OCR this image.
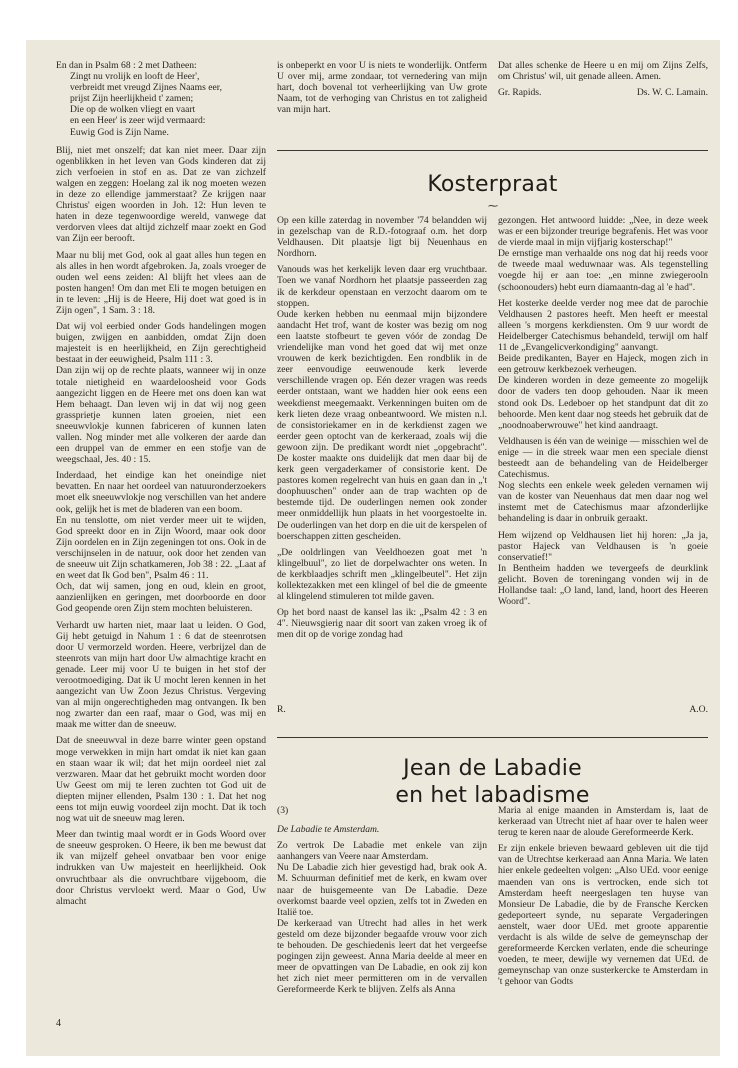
En dan in Psalm 68 : 2 met Datheen:

Zingt nu vrolijk en looft de Heer',
verbreidt met vreugd Zijnes Naams eer,
prijst Zijn heerlijkheid t' zamen;
Die op de wolken vliegt en vaart
en een Heer' is zeer wijd vermaard:
Euwig God is Zijn Name.

Blij, niet met onszelf; dat kan niet meer. Daar zijn ogenblikken in het leven van Gods kinderen dat zij zich verfoeien in stof en as. Dat ze van zichzelf walgen en zeggen: Hoelang zal ik nog moeten wezen in deze zo ellendige jammerstaat? Ze krijgen naar Christus' eigen woorden in Joh. 12: Hun leven te haten in deze tegenwoordige wereld, vanwege dat verdorven vlees dat altijd zichzelf maar zoekt en God van Zijn eer berooft.

Maar nu blij met God, ook al gaat alles hun tegen en als alles in hen wordt afgebroken. Ja, zoals vroeger de ouden wel eens zeiden: Al blijft het vlees aan de posten hangen! Om dan met Eli te mogen betuigen en in te leven: „Hij is de Heere, Hij doet wat goed is in Zijn ogen", 1 Sam. 3 : 18.

Dat wij vol eerbied onder Gods handelingen mogen buigen, zwijgen en aanbidden, omdat Zijn doen majesteit is en heerlijkheid, en Zijn gerechtigheid bestaat in der eeuwigheid, Psalm 111 : 3.

Dan zijn wij op de rechte plaats, wanneer wij in onze totale nietigheid en waardeloosheid voor Gods aangezicht liggen en de Heere met ons doen kan wat Hem behaagt. Dan leven wij in dat wij nog geen grassprietje kunnen laten groeien, niet een sneeuwvlokje kunnen fabriceren of kunnen laten vallen. Nog minder met alle volkeren der aarde dan een druppel van de emmer en een stofje van de weegschaal, Jes. 40 : 15.

Inderdaad, het eindige kan het oneindige niet bevatten. En naar het oordeel van natuuronderzoekers moet elk sneeuwvlokje nog verschillen van het andere ook, gelijk het is met de bladeren van een boom.

En nu tenslotte, om niet verder meer uit te wijden, God spreekt door en in Zijn Woord, maar ook door Zijn oordelen en in Zijn zegeningen tot ons. Ook in de verschijnselen in de natuur, ook door het zenden van de sneeuw uit Zijn schatkameren, Job 38 : 22. „Laat af en weet dat Ik God ben", Psalm 46 : 11.

Och, dat wij samen, jong en oud, klein en groot, aanzienlijken en geringen, met doorboorde en door God geopende oren Zijn stem mochten beluisteren.

Verhardt uw harten niet, maar laat u leiden. O God, Gij hebt getuigd in Nahum 1 : 6 dat de steenrotsen door U vermorzeld worden. Heere, verbrijzel dan de steenrots van mijn hart door Uw almachtige kracht en genade. Leer mij voor U te buigen in het stof der verootmoediging. Dat ik U mocht leren kennen in het aangezicht van Uw Zoon Jezus Christus. Vergeving van al mijn ongerechtigheden mag ontvangen. Ik ben nog zwarter dan een raaf, maar o God, was mij en maak me witter dan de sneeuw.

Dat de sneeuwval in deze barre winter geen opstand moge verwekken in mijn hart omdat ik niet kan gaan en staan waar ik wil; dat het mijn oordeel niet zal verzwaren. Maar dat het gebruikt mocht worden door Uw Geest om mij te leren zuchten tot God uit de diepten mijner ellenden, Psalm 130 : 1. Dat het nog eens tot mijn euwig voordeel zijn mocht. Dat ik toch nog wat uit de sneeuw mag leren.

Meer dan twintig maal wordt er in Gods Woord over de sneeuw gesproken. O Heere, ik ben me bewust dat ik van mijzelf geheel onvatbaar ben voor enige indrukken van Uw majesteit en heerlijkheid. Ook onvruchtbaar als die onvruchtbare vijgeboom, die door Christus vervloekt werd. Maar o God, Uw almacht

is onbeperkt en voor U is niets te wonderlijk. Ontferm U over mij, arme zondaar, tot vernedering van mijn hart, doch bovenal tot verheerlijking van Uw grote Naam, tot de verhoging van Christus en tot zaligheid van mijn hart.

Dat alles schenke de Heere u en mij om Zijns Zelfs, om Christus' wil, uit genade alleen. Amen.

Gr. Rapids.	Ds. W. C. Lamain.
Kosterpraat
⁓

Op een kille zaterdag in november '74 belandden wij in gezelschap van de R.D.-fotograaf o.m. het dorp Veldhausen. Dit plaatsje ligt bij Neuenhaus en Nordhorn.

Vanouds was het kerkelijk leven daar erg vruchtbaar. Toen we vanaf Nordhorn het plaatsje passeerden zag ik de kerkdeur openstaan en verzocht daarom om te stoppen.

Oude kerken hebben nu eenmaal mijn bijzondere aandacht Het trof, want de koster was bezig om nog een laatste stofbeurt te geven vóór de zondag De vriendelijke man vond het goed dat wij met onze vrouwen de kerk bezichtigden. Een rondblik in de zeer eenvoudige eeuwenoude kerk leverde verschillende vragen op. Eén dezer vragen was reeds eerder ontstaan, want we hadden hier ook eens een weekdienst meegemaakt. Verkenningen buiten om de kerk lieten deze vraag onbeantwoord. We misten n.l. de consistoriekamer en in de kerkdienst zagen we eerder geen optocht van de kerkeraad, zoals wij die gewoon zijn. De predikant wordt niet „opgebracht". De koster maakte ons duidelijk dat men daar bij de kerk geen vergaderkamer of consistorie kent. De pastores komen regelrecht van huis en gaan dan in „'t doophuuschen" onder aan de trap wachten op de bestemde tijd. De ouderlingen nemen ook zonder meer onmiddellijk hun plaats in het voorgestoelte in. De ouderlingen van het dorp en die uit de kerspelen of boerschappen zitten gescheiden.

„De ooldrlingen van Veeldhoezen goat met 'n klingelbuul", zo liet de dorpelwachter ons weten. In de kerkblaadjes schrift men „klingelbeutel". Het zijn kollektezakken met een klingel of bel die de gmeente al klingelend stimuleren tot milde gaven.

Op het bord naast de kansel las ik: „Psalm 42 : 3 en 4". Nieuwsgierig naar dit soort van zaken vroeg ik of men dit op de vorige zondag had

gezongen. Het antwoord luidde: „Nee, in deze week was er een bijzonder treurige begrafenis. Het was voor de vierde maal in mijn vijfjarig kosterschap!"

De ernstige man verhaalde ons nog dat hij reeds voor de tweede maal weduwnaar was. Als tegenstelling voegde hij er aan toe: „en minne zwiegerooln (schoonouders) hebt eurn diamaantn-dag al 'e had".

Het kosterke deelde verder nog mee dat de parochie Veldhausen 2 pastores heeft. Men heeft er meestal alleen 's morgens kerkdiensten. Om 9 uur wordt de Heidelberger Catechismus behandeld, terwijl om half 11 de „Evangelicverkondiging" aanvangt.

Beide predikanten, Bayer en Hajeck, mogen zich in een getrouw kerkbezoek verheugen.

De kinderen worden in deze gemeente zo mogelijk door de vaders ten doop gehouden. Naar ik meen stond ook Ds. Ledeboer op het standpunt dat dit zo behoorde. Men kent daar nog steeds het gebruik dat de „noodnoaberwrouwe" het kind aandraagt.

Veldhausen is één van de weinige — misschien wel de enige — in die streek waar men een speciale dienst besteedt aan de behandeling van de Heidelberger Catechismus.

Nog slechts een enkele week geleden vernamen wij van de koster van Neuenhaus dat men daar nog wel instemt met de Catechismus maar afzonderlijke behandeling is daar in onbruik geraakt.

Hem wijzend op Veldhausen liet hij horen: „Ja ja, pastor Hajeck van Veldhausen is 'n goeie conservatief!"

In Bentheim hadden we tevergeefs de deurklink gelicht. Boven de toreningang vonden wij in de Hollandse taal: „O land, land, land, hoort des Heeren Woord".

R.	A.O.
Jean de Labadie
en het labadisme

(3)

De Labadie te Amsterdam.

Zo vertrok De Labadie met enkele van zijn aanhangers van Veere naar Amsterdam.

Nu De Labadie zich hier gevestigd had, brak ook A. M. Schuurman definitief met de kerk, en kwam over naar de huisgemeente van De Labadie. Deze overkomst baarde veel opzien, zelfs tot in Zweden en Italië toe.

De kerkeraad van Utrecht had alles in het werk gesteld om deze bijzonder begaafde vrouw voor zich te behouden. De geschiedenis leert dat het vergeefse pogingen zijn geweest. Anna Maria deelde al meer en meer de opvattingen van De Labadie, en ook zij kon het zich niet meer permitteren om in de vervallen Gereformeerde Kerk te blijven. Zelfs als Anna

Maria al enige maanden in Amsterdam is, laat de kerkeraad van Utrecht niet af haar over te halen weer terug te keren naar de aloude Gereformeerde Kerk.

Er zijn enkele brieven bewaard gebleven uit die tijd van de Utrechtse kerkeraad aan Anna Maria. We laten hier enkele gedeelten volgen: „Also UEd. voor eenige maenden van ons is vertrocken, ende sich tot Amsterdam heeft neergeslagen ten huyse van Monsieur De Labadie, die by de Fransche Kercken gedeporteert synde, nu separate Vergaderingen aenstelt, waer door UEd. met groote apparentie verdacht is als wilde de selve de gemeynschap der gereformeerde Kercken verlaten, ende die scheuringe voeden, te meer, dewijle wy vernemen dat UEd. de gemeynschap van onze susterkercke te Amsterdam in 't gehoor van Godts

4
